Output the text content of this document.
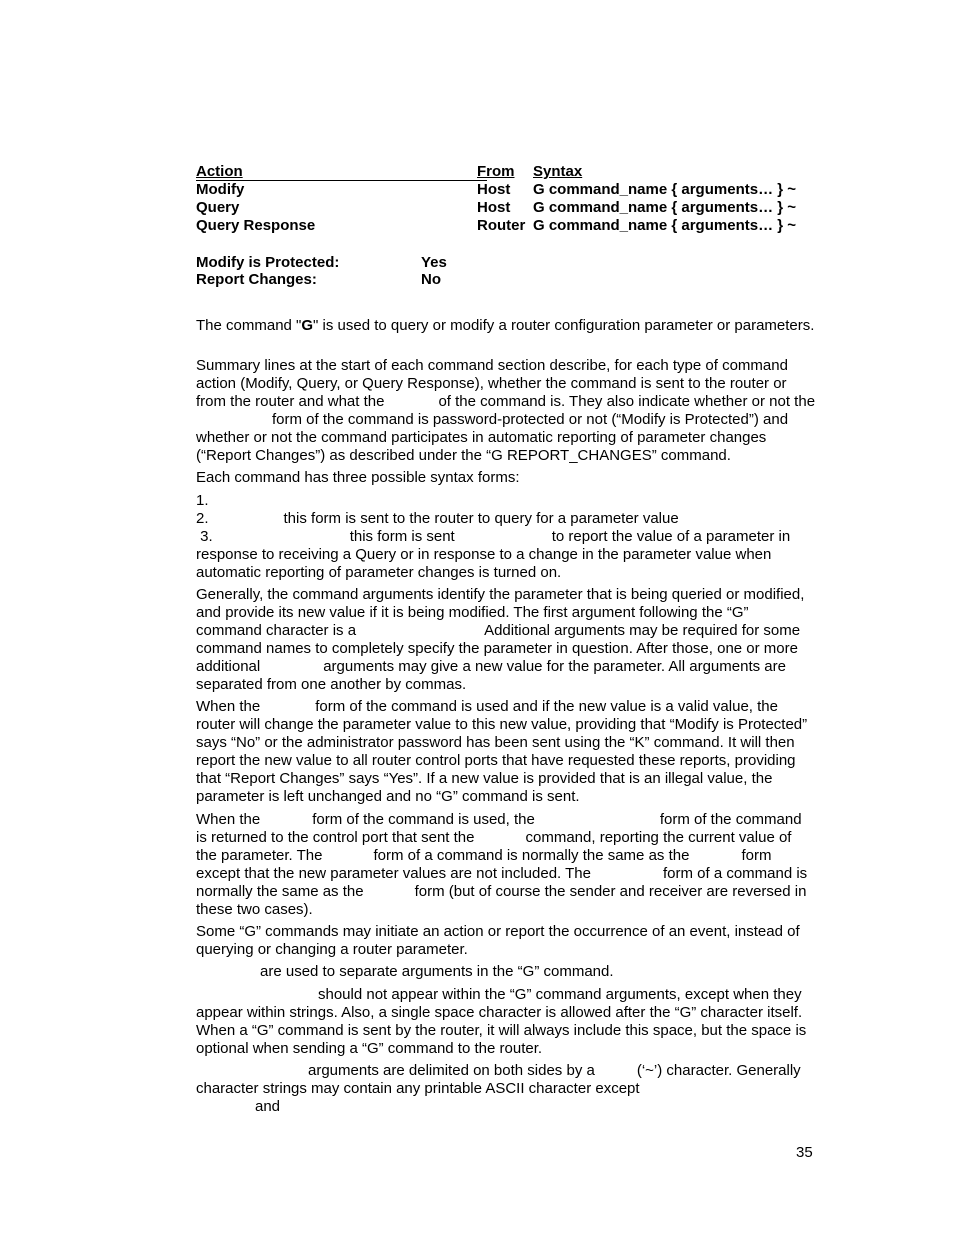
Action	From Syntax
Modify	Host G command_name { arguments… } ~
Query	Host G command_name { arguments… } ~
Query Response	Router G command_name { arguments… } ~
Modify is Protected:	Yes
Report Changes:	No

The command "G" is used to query or modify a router configuration parameter or parameters.

Summary lines at the start of each command section describe, for each type of command action (Modify, Query, or Query Response), whether the command is sent to the router or from the router and what the	of the command is. They also indicate whether or not theform of the command is password-protected or not (“Modify is Protected”) and whether or not the command participates in automatic reporting of parameter changes (“Report Changes”) as described under the “G REPORT_CHANGES” command.

Each command has three possible syntax forms:

1.

2.	this form is sent to the router to query for a parameter value

3.	this form is sent	to report the value of a parameter in response to receiving a Query or in response to a change in the parameter value when automatic reporting of parameter changes is turned on.

Generally, the command arguments identify the parameter that is being queried or modified, and provide its new value if it is being modified. The first argument following the “G” command character is a	Additional arguments may be required for some command names to completely specify the parameter in question. After those, one or more additional	arguments may give a new value for the parameter. All arguments are separated from one another by commas.

When the	form of the command is used and if the new value is a valid value, the router will change the parameter value to this new value, providing that “Modify is Protected” says “No” or the administrator password has been sent using the “K” command. It will then report the new value to all router control ports that have requested these reports, providing that “Report Changes” says “Yes”. If a new value is provided that is an illegal value, the parameter is left unchanged and no “G” command is sent.

When the	form of the command is used, the	form of the command is returned to the control port that sent the	command, reporting the current value of the parameter. The	form of a command is normally the same as the	form except that the new parameter values are not included. The	form of a command is normally the same as the	form (but of course the sender and receiver are reversed in these two cases).

Some “G” commands may initiate an action or report the occurrence of an event, instead of querying or changing a router parameter.

are used to separate arguments in the “G” command.

should not appear within the “G” command arguments, except when they appear within strings. Also, a single space character is allowed after the “G” character itself. When a “G” command is sent by the router, it will always include this space, but the space is optional when sending a “G” command to the router.

arguments are delimited on both sides by a	(‘~’) character. Generally character strings may contain any printable ASCII character except
and

35
